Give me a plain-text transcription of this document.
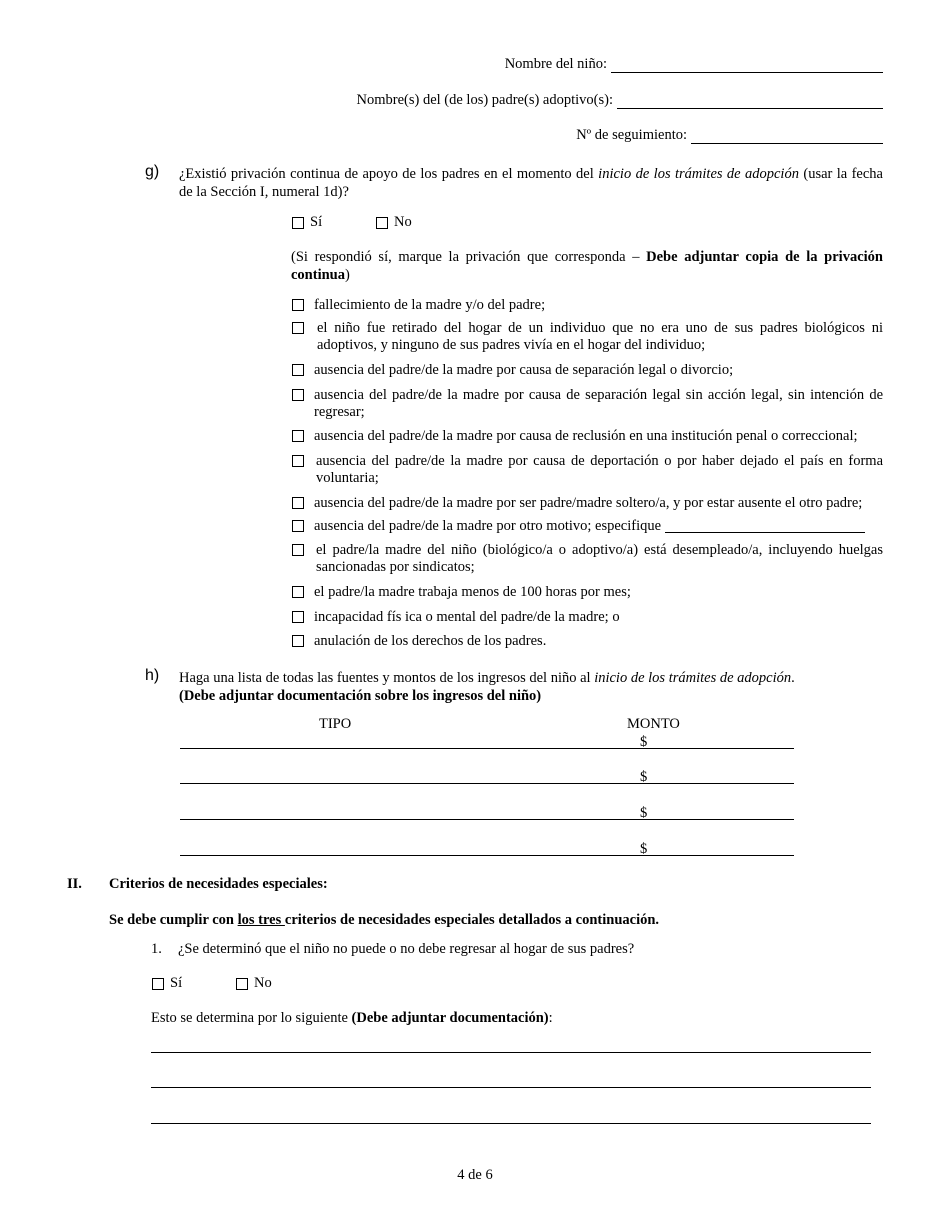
Nombre del niño:
Nombre(s) del (de los) padre(s) adoptivo(s):
Nº de seguimiento:
g) ¿Existió privación continua de apoyo de los padres en el momento del inicio de los trámites de adopción (usar la fecha de la Sección I, numeral 1d)?
Sí	No
(Si respondió sí, marque la privación que corresponda – Debe adjuntar copia de la privación continua)
fallecimiento de la madre y/o del padre;
el niño fue retirado del hogar de un individuo que no era uno de sus padres biológicos ni adoptivos, y ninguno de sus padres vivía en el hogar del individuo;
ausencia del padre/de la madre por causa de separación legal o divorcio;
ausencia del padre/de la madre por causa de separación legal sin acción legal, sin intención de regresar;
ausencia del padre/de la madre por causa de reclusión en una institución penal o correccional;
ausencia del padre/de la madre por causa de deportación o por haber dejado el país en forma voluntaria;
ausencia del padre/de la madre por ser padre/madre soltero/a, y por estar ausente el otro padre;
ausencia del padre/de la madre por otro motivo; especifique
el padre/la madre del niño (biológico/a o adoptivo/a) está desempleado/a, incluyendo huelgas sancionadas por sindicatos;
el padre/la madre trabaja menos de 100 horas por mes;
incapacidad fís ica o mental del padre/de la madre; o
anulación de los derechos de los padres.
h) Haga una lista de todas las fuentes y montos de los ingresos del niño al inicio de los trámites de adopción.
(Debe adjuntar documentación sobre los ingresos del niño)
TIPO	MONTO
$
$
$
$
II. Criterios de necesidades especiales:
Se debe cumplir con los tres criterios de necesidades especiales detallados a continuación.
1. ¿Se determinó que el niño no puede o no debe regresar al hogar de sus padres?
Sí	No
Esto se determina por lo siguiente (Debe adjuntar documentación):
4 de 6
